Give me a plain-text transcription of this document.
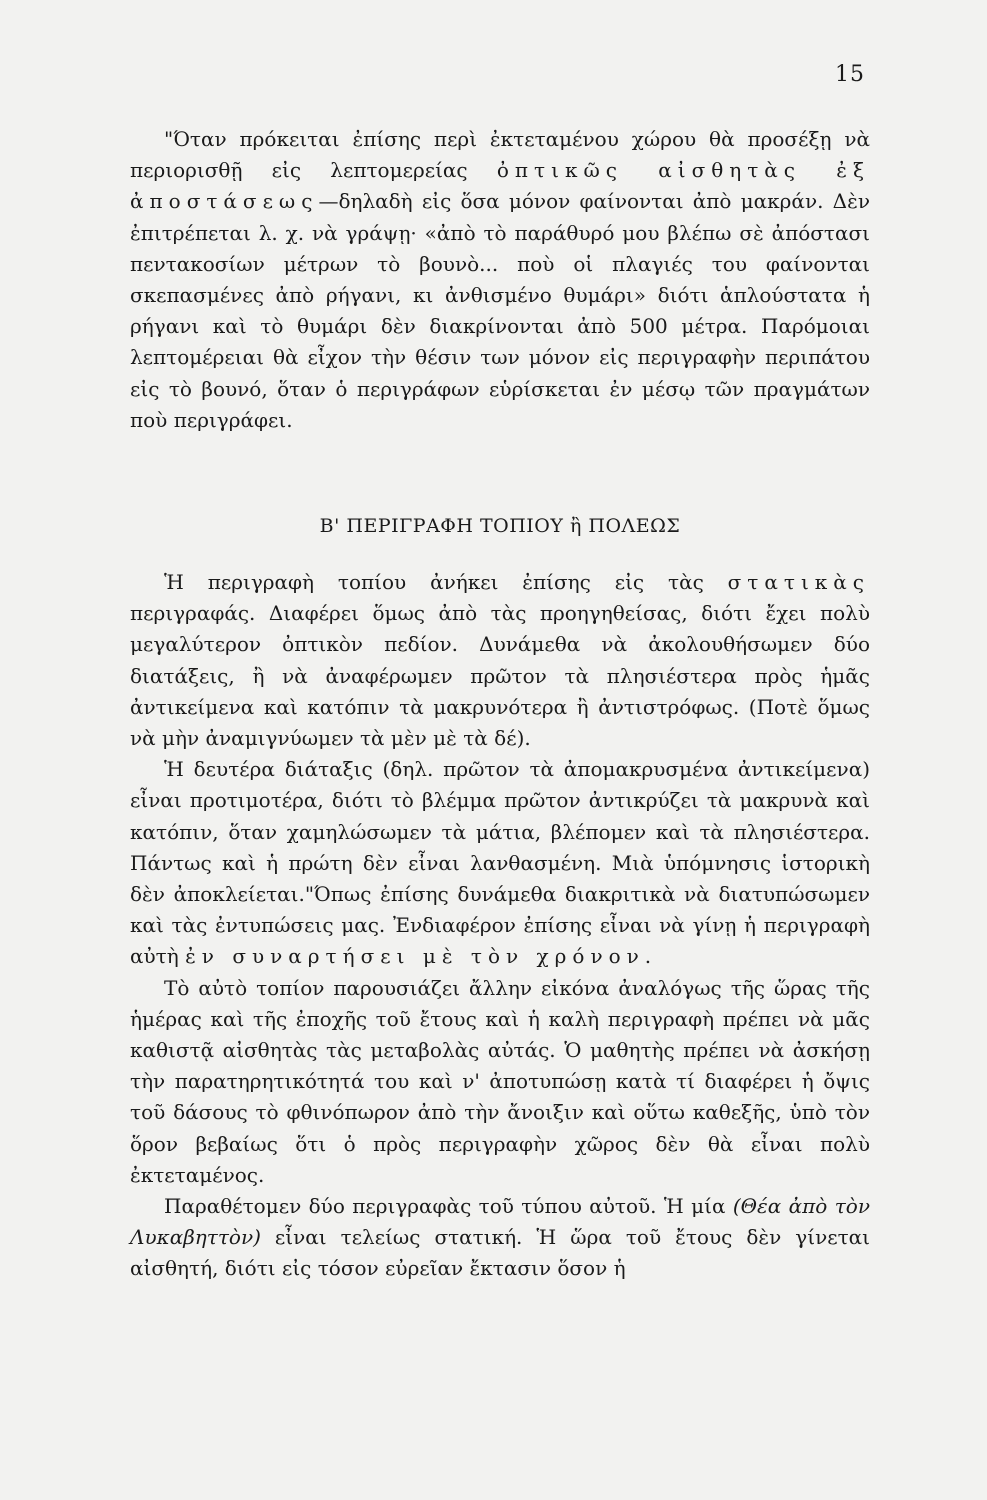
15

"Όταν πρόκειται ἐπίσης περὶ ἐκτεταμένου χώρου θὰ προσέξῃ νὰ περιορισθῇ εἰς λεπτομερείας ὀπτικῶς αἰσθητὰς ἐξ ἀποστάσεως—δηλαδὴ εἰς ὅσα μόνον φαίνονται ἀπὸ μακράν. Δὲν ἐπιτρέπεται λ. χ. νὰ γράψῃ· «ἀπὸ τὸ παράθυρό μου βλέπω σὲ ἀπόστασι πεντακοσίων μέτρων τὸ βουνὸ... ποὺ οἱ πλαγιές του φαίνονται σκεπασμένες ἀπὸ ρήγανι, κι ἀνθισμένο θυμάρι» διότι ἁπλούστατα ἡ ρήγανι καὶ τὸ θυμάρι δὲν διακρίνονται ἀπὸ 500 μέτρα. Παρόμοιαι λεπτομέρειαι θὰ εἶχον τὴν θέσιν των μόνον εἰς περιγραφὴν περιπάτου εἰς τὸ βουνό, ὅταν ὁ περιγράφων εὑρίσκεται ἐν μέσῳ τῶν πραγμάτων ποὺ περιγράφει.

Β' ΠΕΡΙΓΡΑΦΗ ΤΟΠΙΟΥ ἢ ΠΟΛΕΩΣ

Ἡ περιγραφὴ τοπίου ἀνήκει ἐπίσης εἰς τὰς στατικὰς περιγραφάς. Διαφέρει ὅμως ἀπὸ τὰς προηγηθείσας, διότι ἔχει πολὺ μεγαλύτερον ὀπτικὸν πεδίον. Δυνάμεθα νὰ ἀκολουθήσωμεν δύο διατάξεις, ἢ νὰ ἀναφέρωμεν πρῶτον τὰ πλησιέστερα πρὸς ἡμᾶς ἀντικείμενα καὶ κατόπιν τὰ μακρυνότερα ἢ ἀντιστρόφως. (Ποτὲ ὅμως νὰ μὴν ἀναμιγνύωμεν τὰ μὲν μὲ τὰ δέ).

Ἡ δευτέρα διάταξις (δηλ. πρῶτον τὰ ἀπομακρυσμένα ἀντικείμενα) εἶναι προτιμοτέρα, διότι τὸ βλέμμα πρῶτον ἀντικρύζει τὰ μακρυνὰ καὶ κατόπιν, ὅταν χαμηλώσωμεν τὰ μάτια, βλέπομεν καὶ τὰ πλησιέστερα. Πάντως καὶ ἡ πρώτη δὲν εἶναι λανθασμένη. Μιὰ ὑπόμνησις ἱστορικὴ δὲν ἀποκλείεται."Όπως ἐπίσης δυνάμεθα διακριτικὰ νὰ διατυπώσωμεν καὶ τὰς ἐντυπώσεις μας. Ἐνδιαφέρον ἐπίσης εἶναι νὰ γίνῃ ἡ περιγραφὴ αὐτὴ ἐν συναρτήσει μὲ τὸν χρόνον.

Τὸ αὐτὸ τοπίον παρουσιάζει ἄλλην εἰκόνα ἀναλόγως τῆς ὥρας τῆς ἡμέρας καὶ τῆς ἐποχῆς τοῦ ἔτους καὶ ἡ καλὴ περιγραφὴ πρέπει νὰ μᾶς καθιστᾷ αἰσθητὰς τὰς μεταβολὰς αὐτάς. Ὁ μαθητὴς πρέπει νὰ ἀσκήσῃ τὴν παρατηρητικότητά του καὶ ν' ἀποτυπώσῃ κατὰ τί διαφέρει ἡ ὄψις τοῦ δάσους τὸ φθινόπωρον ἀπὸ τὴν ἄνοιξιν καὶ οὕτω καθεξῆς, ὑπὸ τὸν ὅρον βεβαίως ὅτι ὁ πρὸς περιγραφὴν χῶρος δὲν θὰ εἶναι πολὺ ἐκτεταμένος.

Παραθέτομεν δύο περιγραφὰς τοῦ τύπου αὐτοῦ. Ἡ μία (Θέα ἀπὸ τὸν Λυκαβηττὸν) εἶναι τελείως στατική. Ἡ ὥρα τοῦ ἔτους δὲν γίνεται αἰσθητή, διότι εἰς τόσον εὐρεῖαν ἔκτασιν ὅσον ἡ
